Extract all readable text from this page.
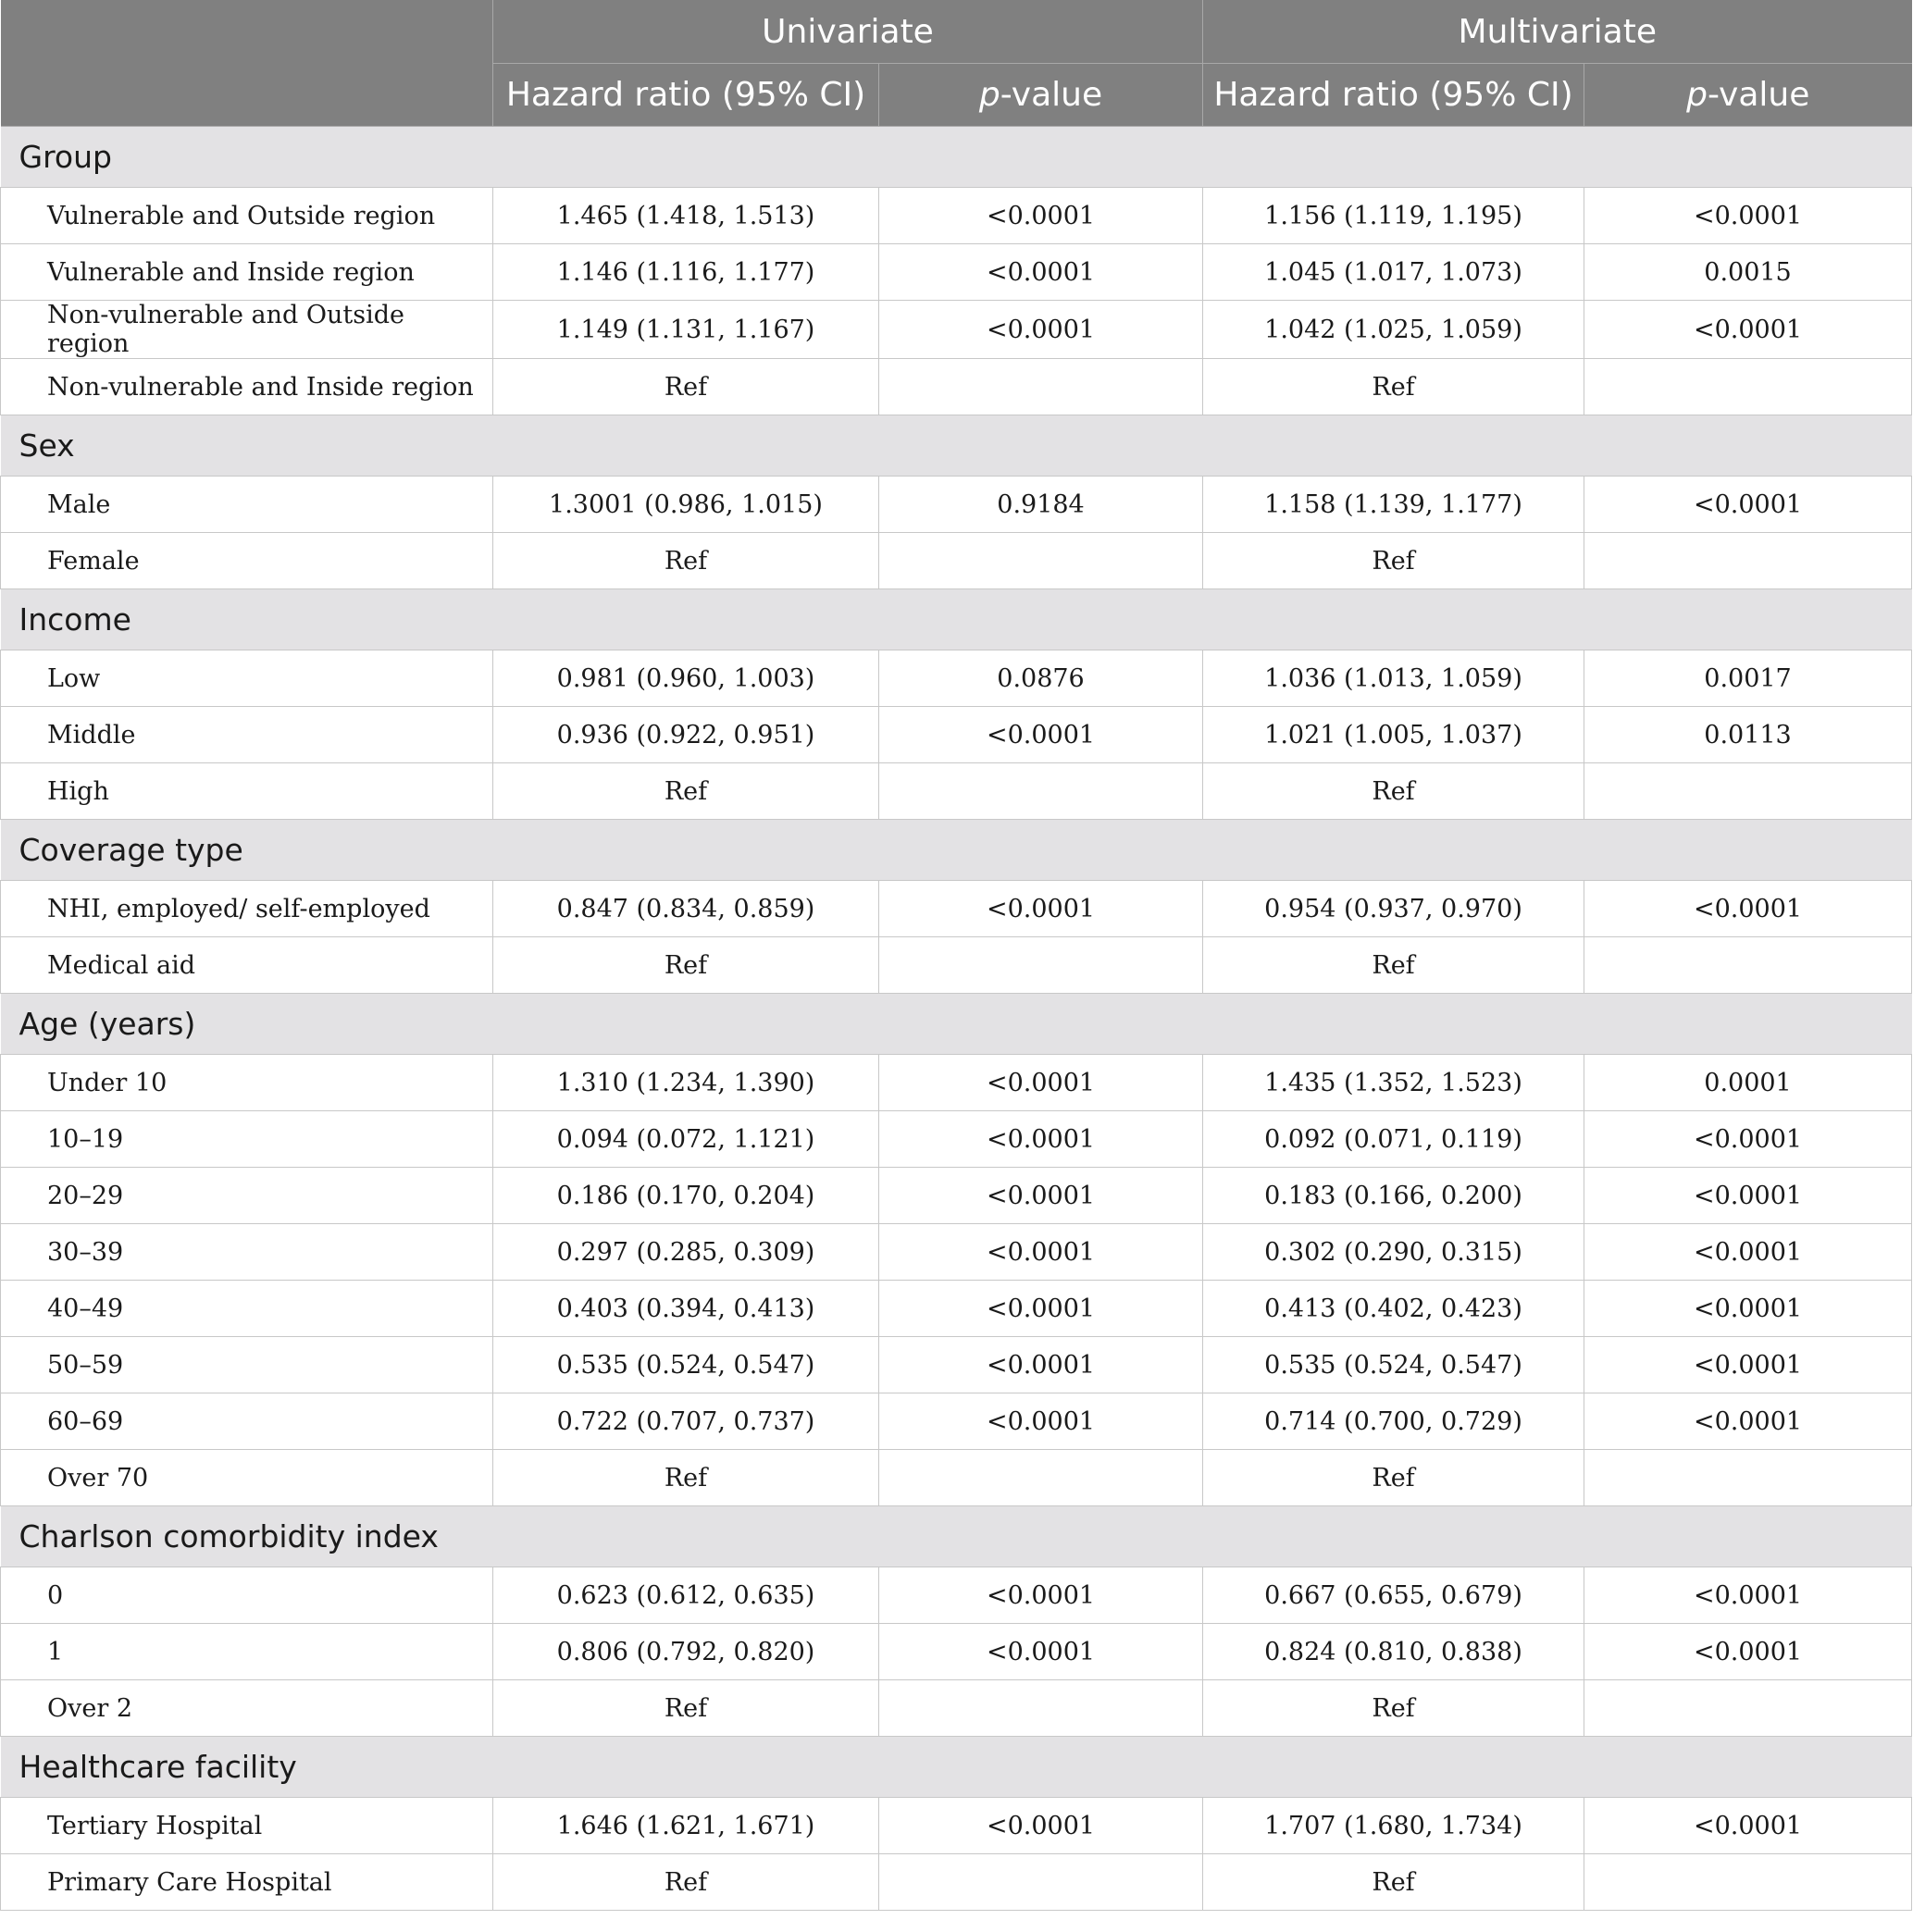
	Univariate		Multivariate	
	Hazard ratio (95% CI)	p-value	Hazard ratio (95% CI)	p-value
Group				
Vulnerable and Outside region	1.465 (1.418, 1.513)	<0.0001	1.156 (1.119, 1.195)	<0.0001
Vulnerable and Inside region	1.146 (1.116, 1.177)	<0.0001	1.045 (1.017, 1.073)	0.0015
Non-vulnerable and Outside region	1.149 (1.131, 1.167)	<0.0001	1.042 (1.025, 1.059)	<0.0001
Non-vulnerable and Inside region	Ref		Ref	
Sex				
Male	1.3001 (0.986, 1.015)	0.9184	1.158 (1.139, 1.177)	<0.0001
Female	Ref		Ref	
Income				
Low	0.981 (0.960, 1.003)	0.0876	1.036 (1.013, 1.059)	0.0017
Middle	0.936 (0.922, 0.951)	<0.0001	1.021 (1.005, 1.037)	0.0113
High	Ref		Ref	
Coverage type				
NHI, employed/ self-employed	0.847 (0.834, 0.859)	<0.0001	0.954 (0.937, 0.970)	<0.0001
Medical aid	Ref		Ref	
Age (years)				
Under 10	1.310 (1.234, 1.390)	<0.0001	1.435 (1.352, 1.523)	0.0001
10–19	0.094 (0.072, 1.121)	<0.0001	0.092 (0.071, 0.119)	<0.0001
20–29	0.186 (0.170, 0.204)	<0.0001	0.183 (0.166, 0.200)	<0.0001
30–39	0.297 (0.285, 0.309)	<0.0001	0.302 (0.290, 0.315)	<0.0001
40–49	0.403 (0.394, 0.413)	<0.0001	0.413 (0.402, 0.423)	<0.0001
50–59	0.535 (0.524, 0.547)	<0.0001	0.535 (0.524, 0.547)	<0.0001
60–69	0.722 (0.707, 0.737)	<0.0001	0.714 (0.700, 0.729)	<0.0001
Over 70	Ref		Ref	
Charlson comorbidity index				
0	0.623 (0.612, 0.635)	<0.0001	0.667 (0.655, 0.679)	<0.0001
1	0.806 (0.792, 0.820)	<0.0001	0.824 (0.810, 0.838)	<0.0001
Over 2	Ref		Ref	
Healthcare facility				
Tertiary Hospital	1.646 (1.621, 1.671)	<0.0001	1.707 (1.680, 1.734)	<0.0001
Primary Care Hospital	Ref		Ref	
